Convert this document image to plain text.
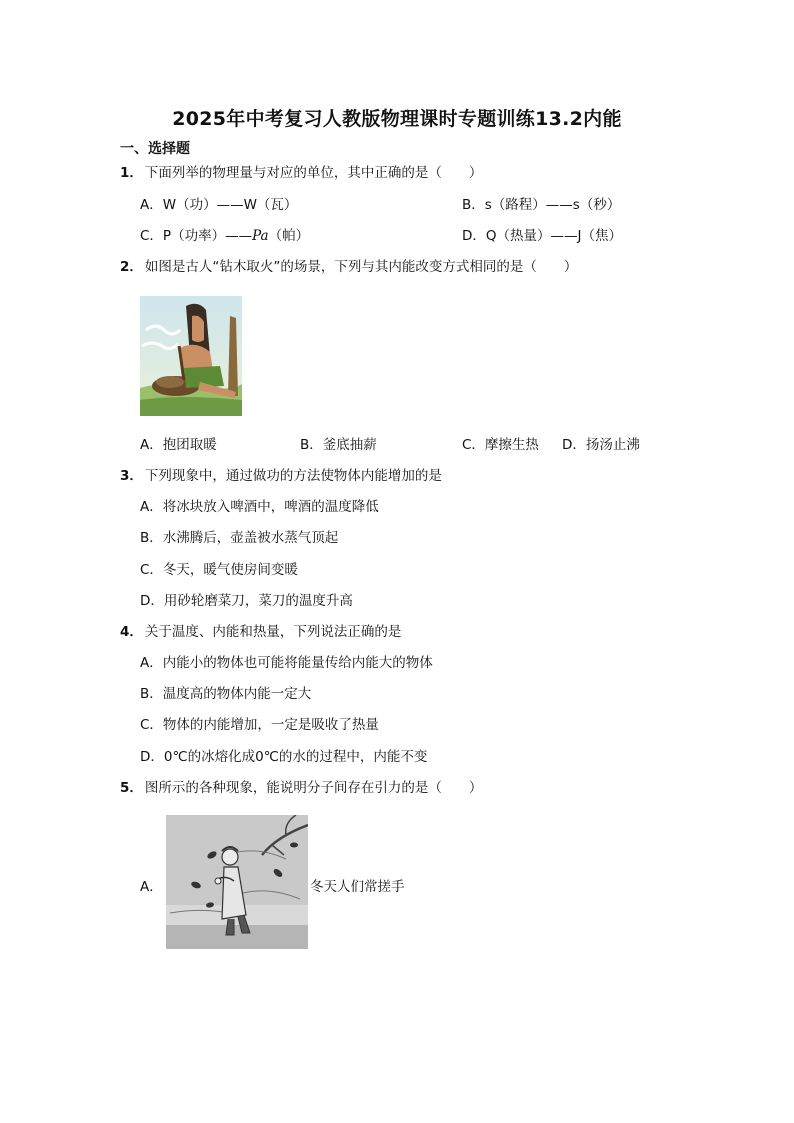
2025年中考复习人教版物理课时专题训练13.2内能
一、选择题
1． 下面列举的物理量与对应的单位，其中正确的是（　　）
A．W（功）——W（瓦）	B．s（路程）——s（秒）
C．P（功率）——Pa（帕）	D．Q（热量）——J（焦）
2． 如图是古人“钻木取火”的场景，下列与其内能改变方式相同的是（　　）
A．抱团取暖	B．釜底抽薪	C．摩擦生热 D．扬汤止沸
3． 下列现象中，通过做功的方法使物体内能增加的是
A．将冰块放入啤酒中，啤酒的温度降低
B．水沸腾后，壶盖被水蒸气顶起
C．冬天，暖气使房间变暖
D．用砂轮磨菜刀，菜刀的温度升高
4． 关于温度、内能和热量，下列说法正确的是
A．内能小的物体也可能将能量传给内能大的物体
B．温度高的物体内能一定大
C．物体的内能增加，一定是吸收了热量
D．0℃的冰熔化成0℃的水的过程中，内能不变
5． 图所示的各种现象，能说明分子间存在引力的是（　　）
A．	冬天人们常搓手
